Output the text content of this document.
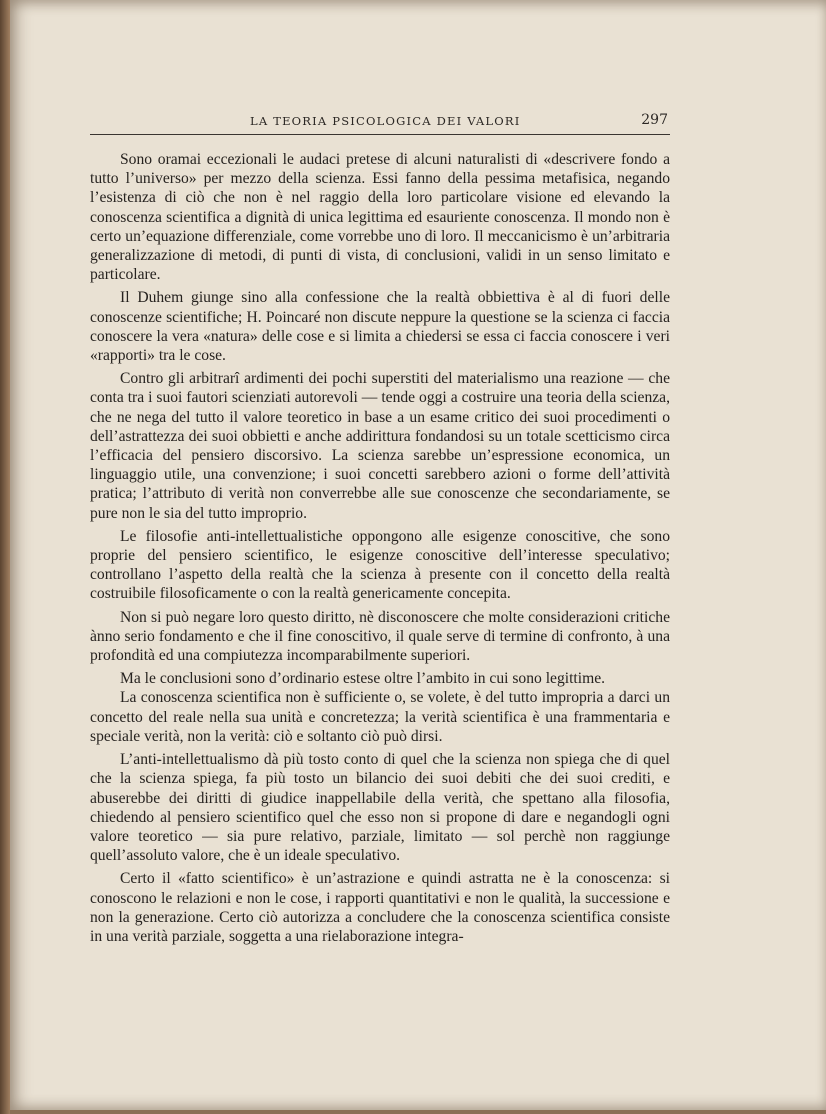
LA TEORIA PSICOLOGICA DEI VALORI	297

Sono oramai eccezionali le audaci pretese di alcuni naturalisti di «descrivere fondo a tutto l’universo» per mezzo della scienza. Essi fanno della pessima metafisica, negando l’esistenza di ciò che non è nel raggio della loro particolare visione ed elevando la conoscenza scientifica a dignità di unica legittima ed esauriente conoscenza. Il mondo non è certo un’equazione differenziale, come vorrebbe uno di loro. Il meccanicismo è un’arbitraria generalizzazione di metodi, di punti di vista, di conclusioni, validi in un senso limitato e particolare.

Il Duhem giunge sino alla confessione che la realtà obbiettiva è al di fuori delle conoscenze scientifiche; H. Poincaré non discute neppure la questione se la scienza ci faccia conoscere la vera «natura» delle cose e si limita a chiedersi se essa ci faccia conoscere i veri «rapporti» tra le cose.

Contro gli arbitrarî ardimenti dei pochi superstiti del materialismo una reazione — che conta tra i suoi fautori scienziati autorevoli — tende oggi a costruire una teoria della scienza, che ne nega del tutto il valore teoretico in base a un esame critico dei suoi procedimenti o dell’astrattezza dei suoi obbietti e anche addirittura fondandosi su un totale scetticismo circa l’efficacia del pensiero discorsivo. La scienza sarebbe un’espressione economica, un linguaggio utile, una convenzione; i suoi concetti sarebbero azioni o forme dell’attività pratica; l’attributo di verità non converrebbe alle sue conoscenze che secondariamente, se pure non le sia del tutto improprio.

Le filosofie anti-intellettualistiche oppongono alle esigenze conoscitive, che sono proprie del pensiero scientifico, le esigenze conoscitive dell’interesse speculativo; controllano l’aspetto della realtà che la scienza à presente con il concetto della realtà costruibile filosoficamente o con la realtà genericamente concepita.

Non si può negare loro questo diritto, nè disconoscere che molte considerazioni critiche ànno serio fondamento e che il fine conoscitivo, il quale serve di termine di confronto, à una profondità ed una compiutezza incomparabilmente superiori.

Ma le conclusioni sono d’ordinario estese oltre l’ambito in cui sono legittime.

La conoscenza scientifica non è sufficiente o, se volete, è del tutto impropria a darci un concetto del reale nella sua unità e concretezza; la verità scientifica è una frammentaria e speciale verità, non la verità: ciò e soltanto ciò può dirsi.

L’anti-intellettualismo dà più tosto conto di quel che la scienza non spiega che di quel che la scienza spiega, fa più tosto un bilancio dei suoi debiti che dei suoi crediti, e abuserebbe dei diritti di giudice inappellabile della verità, che spettano alla filosofia, chiedendo al pensiero scientifico quel che esso non si propone di dare e negandogli ogni valore teoretico — sia pure relativo, parziale, limitato — sol perchè non raggiunge quell’assoluto valore, che è un ideale speculativo.

Certo il «fatto scientifico» è un’astrazione e quindi astratta ne è la conoscenza: si conoscono le relazioni e non le cose, i rapporti quantitativi e non le qualità, la successione e non la generazione. Certo ciò autorizza a concludere che la conoscenza scientifica consiste in una verità parziale, soggetta a una rielaborazione integra-
